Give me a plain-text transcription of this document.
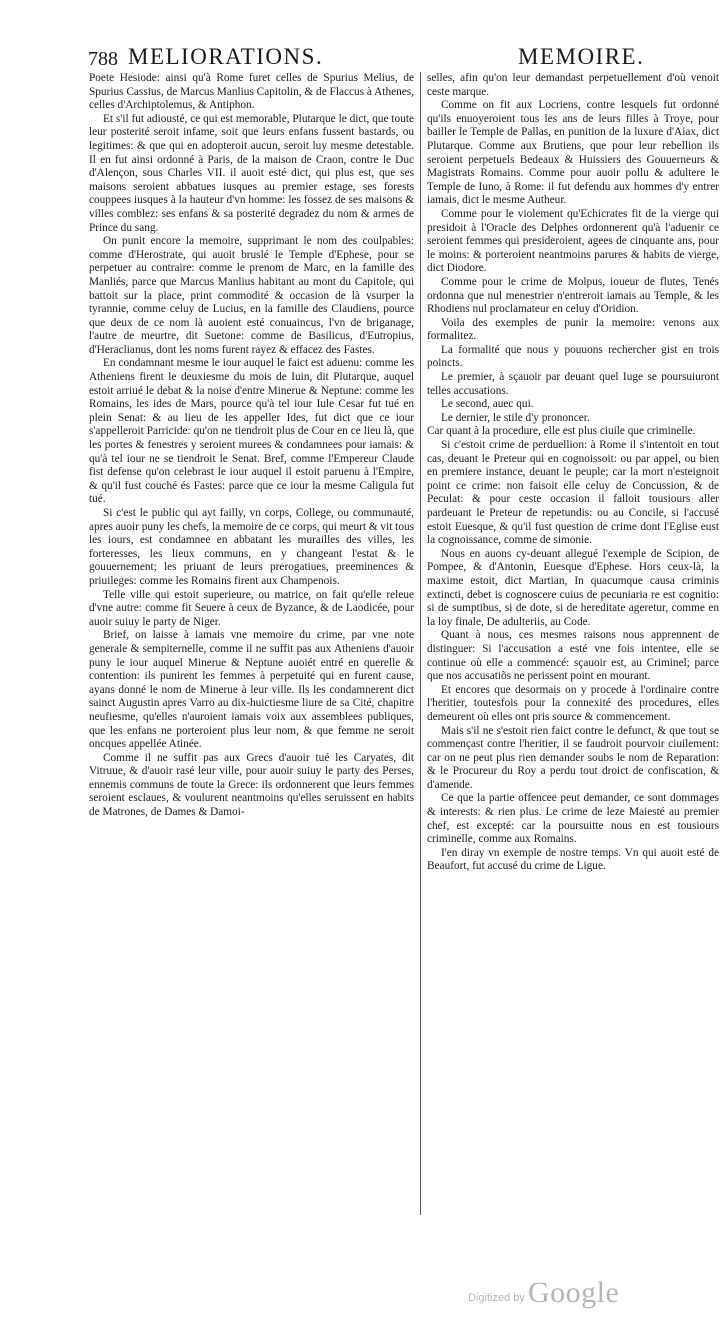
788 MELIORATIONS.	MEMOIRE.

Poete Hesiode: ainsi qu'à Rome furet celles de Spurius Melius, de Spurius Cassius, de Marcus Manlius Capitolin, & de Flaccus à Athenes, celles d'Archiptolemus, & Antiphon.

Et s'il fut adiousté, ce qui est memorable, Plutarque le dict, que toute leur posterité seroit infame, soit que leurs enfans fussent bastards, ou legitimes: & que qui en adopteroit aucun, seroit luy mesme detestable. Il en fut ainsi ordonné à Paris, de la maison de Craon, contre le Duc d'Alençon, sous Charles VII. il auoit esté dict, qui plus est, que ses maisons seroient abbatues iusques au premier estage, ses forests couppees iusques à la hauteur d'vn homme: les fossez de ses maisons & villes comblez: ses enfans & sa posterité degradez du nom & armes de Prince du sang.

On punit encore la memoire, supprimant le nom des coulpables: comme d'Herostrate, qui auoit bruslé le Temple d'Ephese, pour se perpetuer au contraire: comme le prenom de Marc, en la famille des Manliés, parce que Marcus Manlius habitant au mont du Capitole, qui battoit sur la place, print commodité & occasion de là vsurper la tyrannie, comme celuy de Lucius, en la famille des Claudiens, pource que deux de ce nom là auoient esté conuaincus, l'vn de briganage, l'autre de meurtre, dit Suetone: comme de Basilicus, d'Eutropius, d'Heraclianus, dont les noms furent rayez & effacez des Fastes.

En condamnant mesme le iour auquel le faict est aduenu: comme les Atheniens firent le deuxiesme du mois de Iuin, dit Plutarque, auquel estoit arriué le debat & la noise d'entre Mineruе & Neptune: comme les Romains, les ides de Mars, pource qu'à tel iour Iule Cesar fut tué en plein Senat: & au lieu de les appeller Ides, fut dict que ce iour s'appelleroit Parricide: qu'on ne tiendroit plus de Cour en ce lieu là, que les portes & fenestres y seroient murees & condamnees pour iamais: & qu'à tel iour ne se tiendroit le Senat. Bref, comme l'Empereur Claude fist defense qu'on celebrast le iour auquel il estoit paruenu à l'Empire, & qu'il fust couché és Fastes: parce que ce iour la mesme Caligula fut tué.

Si c'est le public qui ayt failly, vn corps, College, ou communauté, apres auoir puny les chefs, la memoire de ce corps, qui meurt & vit tous les iours, est condamnee en abbatant les murailles des villes, les forteresses, les lieux communs, en y changeant l'estat & le gouuernement; les priuant de leurs prerogatiues, preeminences & priuileges: comme les Romains firent aux Champenois.

Telle ville qui estoit superieure, ou matrice, on fait qu'elle releue d'vne autre: comme fit Seuere à ceux de Byzance, & de Laodicée, pour auoir suiuy le party de Niger.

Brief, on laisse à iamais vne memoire du crime, par vne note generale & sempiternelle, comme il ne suffit pas aux Atheniens d'auoir puny le iour auquel Mineruе & Neptune auoiét entré en querelle & contention: ils punirent les femmes à perpetuité qui en furent cause, ayans donné le nom de Mineruе à leur ville. Ils les condamnerent dict sainct Augustin apres Varro au dix-huictiesme liure de sa Cité, chapitre neufiesme, qu'elles n'auroient iamais voix aux assemblees publiques, que les enfans ne porteroient plus leur nom, & que femme ne seroit oncques appellée Atinée.

Comme il ne suffit pas aux Grecs d'auoir tué les Caryates, dit Vitruue, & d'auoir rasé leur ville, pour auoir suiuy le party des Perses, ennemis communs de toute la Grece: ils ordonnerent que leurs femmes seroient esclaues, & voulurent neantmoins qu'elles seruissent en habits de Matrones, de Dames & Damoi-

selles, afin qu'on leur demandast perpetuellement d'où venoit ceste marque.

Comme on fit aux Locriens, contre lesquels fut ordonné qu'ils enuoyeroient tous les ans de leurs filles à Troye, pour bailler le Temple de Pallas, en punition de la luxure d'Aiax, dict Plutarque. Comme aux Brutiens, que pour leur rebellion ils seroient perpetuels Bedeaux & Huissiers des Gouuerneurs & Magistrats Romains. Comme pour auoir pollu & adultere le Temple de Iuno, à Rome: il fut defendu aux hommes d'y entrer iamais, dict le mesme Autheur.

Comme pour le violement qu'Echicrates fit de la vierge qui presidoit à l'Oracle des Delphes ordonnerent qu'à l'aduenir ce seroient femmes qui presideroient, agees de cinquante ans, pour le moins: & porteroient neantmoins parures & habits de vierge, dict Diodore.

Comme pour le crime de Molpus, ioueur de flutes, Tenés ordonna que nul menestrier n'entreroit iamais au Temple, & les Rhodiens nul proclamateur en celuy d'Oridion.

Voila des exemples de punir la memoire: venons aux formalitez.

La formalité que nous y pouuons rechercher gist en trois poincts.

Le premier, à sçauoir par deuant quel Iuge se poursuiuront telles accusations.

Le second, auec qui.

Le dernier, le stile d'y prononcer.

Car quant à la procedure, elle est plus ciuile que criminelle.

Si c'estoit crime de perduellion: à Rome il s'intentoit en tout cas, deuant le Preteur qui en cognoissoit: ou par appel, ou bien en premiere instance, deuant le peuple; car la mort n'esteignoit point ce crime: non faisoit elle celuy de Concussion, & de Peculat: & pour ceste occasion il falloit tousiours aller pardeuant le Preteur de repetundis: ou au Concile, si l'accusé estoit Euesque, & qu'il fust question de crime dont l'Eglise eust la cognoissance, comme de simonie.

Nous en auons cy-deuant allegué l'exemple de Scipion, de Pompee, & d'Antonin, Euesque d'Ephese. Hors ceux-là, la maxime estoit, dict Martian, In quacumque causa criminis extincti, debet is cognoscere cuius de pecuniaria re est cognitio: si de sumptibus, si de dote, si de hereditate ageretur, comme en la loy finale, De adulteriis, au Code.

Quant à nous, ces mesmes raisons nous apprennent de distinguer: Si l'accusation a esté vne fois intentee, elle se continue où elle a commencé: sçauoir est, au Criminel; parce que nos accusatiõs ne perissent point en mourant.

Et encores que desormais on y procede à l'ordinaire contre l'heritier, toutesfois pour la connexité des procedures, elles demeurent où elles ont pris source & commencement.

Mais s'il ne s'estoit rien faict contre le defunct, & que tout se commençast contre l'heritier, il se faudroit pourvoir ciuilement: car on ne peut plus rien demander soubs le nom de Reparation: & le Procureur du Roy a perdu tout droict de confiscation, & d'amende.

Ce que la partie offencee peut demander, ce sont dommages & interests: & rien plus. Le crime de leze Maiesté au premier chef, est excepté: car la poursuitte nous en est tousiours criminelle, comme aux Romains.

I'en diray vn exemple de nostre temps. Vn qui auoit esté de Beaufort, fut accusé du crime de Ligue.

Digitized by Google
